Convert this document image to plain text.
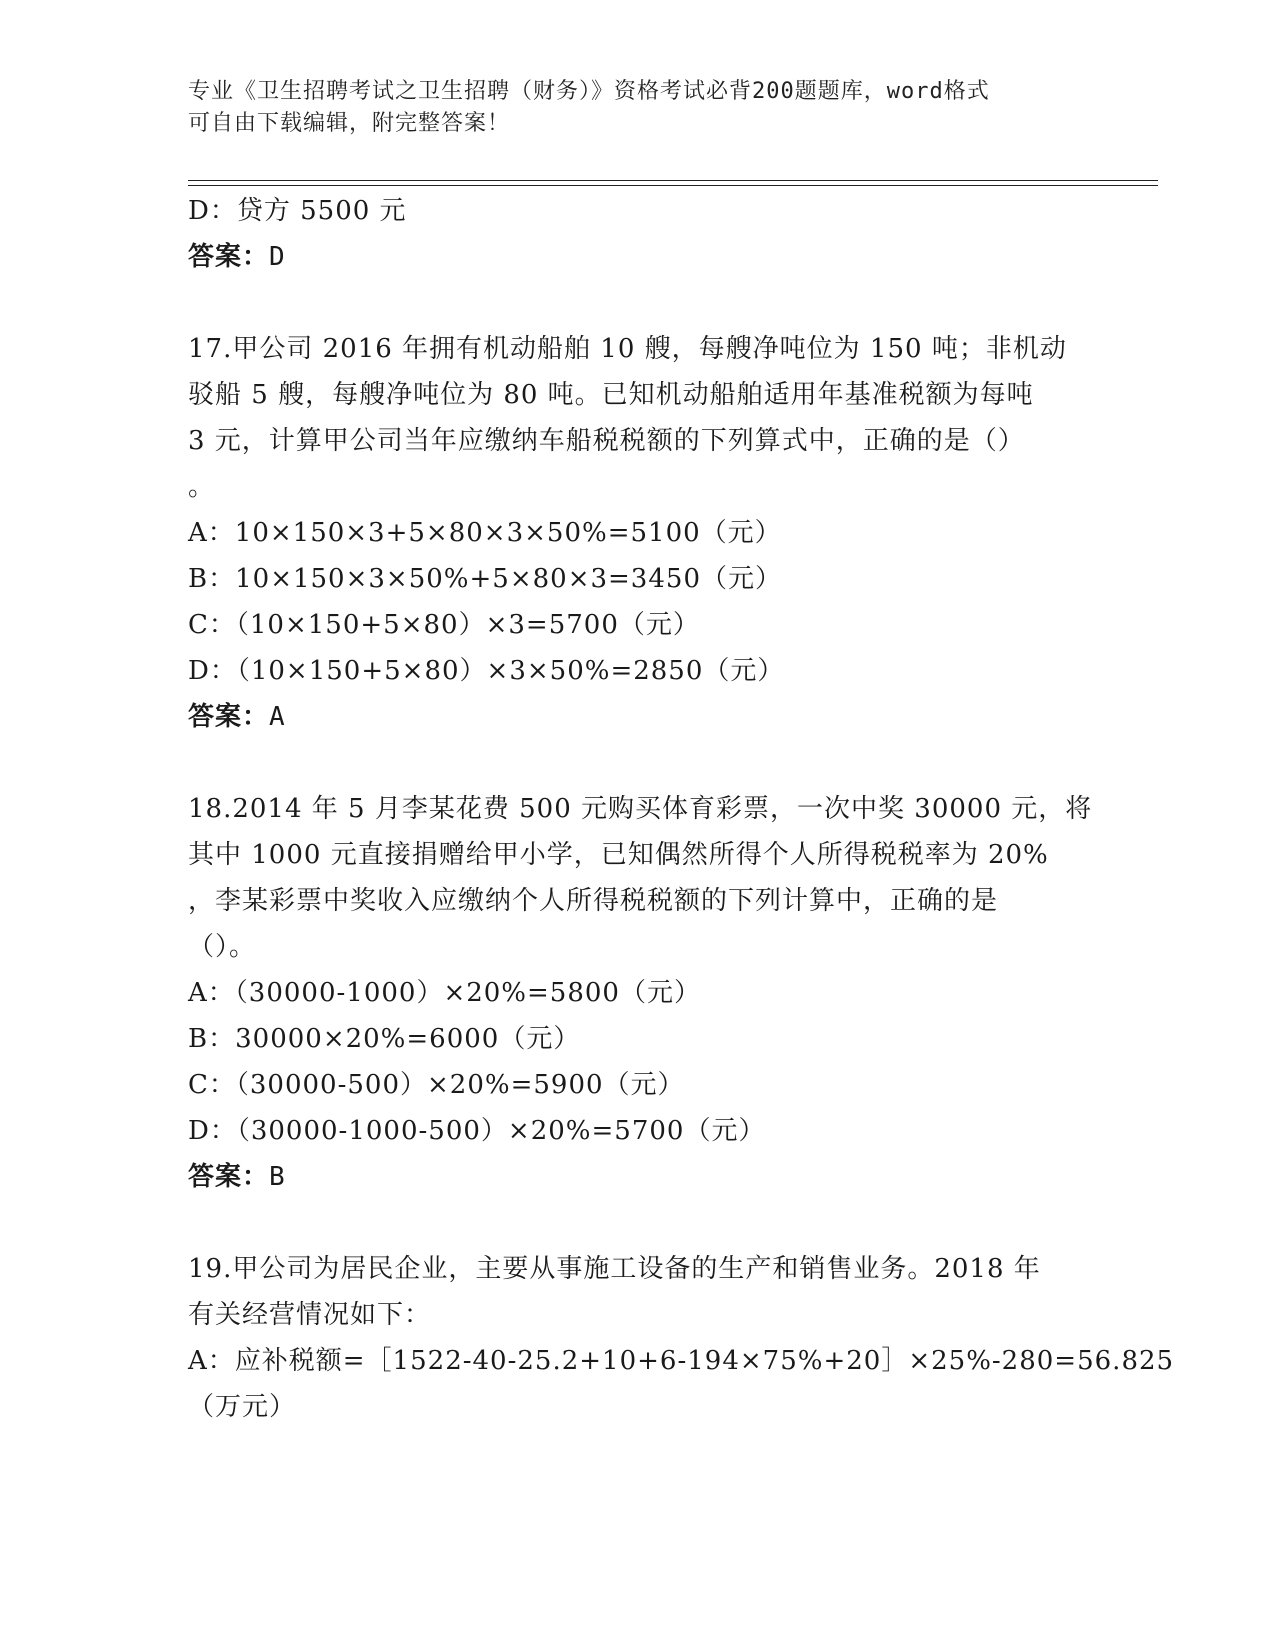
专业《卫生招聘考试之卫生招聘（财务）》资格考试必背200题题库，word格式
可自由下载编辑，附完整答案！
D：贷方 5500 元
答案：D
17.甲公司 2016 年拥有机动船舶 10 艘，每艘净吨位为 150 吨；非机动
驳船 5 艘，每艘净吨位为 80 吨。已知机动船舶适用年基准税额为每吨
3 元，计算甲公司当年应缴纳车船税税额的下列算式中，正确的是（）
。
A：10×150×3+5×80×3×50%=5100（元）
B：10×150×3×50%+5×80×3=3450（元）
C：（10×150+5×80）×3=5700（元）
D：（10×150+5×80）×3×50%=2850（元）
答案：A
18.2014 年 5 月李某花费 500 元购买体育彩票，一次中奖 30000 元，将
其中 1000 元直接捐赠给甲小学，已知偶然所得个人所得税税率为 20%
，李某彩票中奖收入应缴纳个人所得税税额的下列计算中，正确的是
（）。
A：（30000-1000）×20%=5800（元）
B：30000×20%=6000（元）
C：（30000-500）×20%=5900（元）
D：（30000-1000-500）×20%=5700（元）
答案：B
19.甲公司为居民企业，主要从事施工设备的生产和销售业务。2018 年
有关经营情况如下：
A：应补税额=［1522-40-25.2+10+6-194×75%+20］×25%-280=56.825
（万元）
